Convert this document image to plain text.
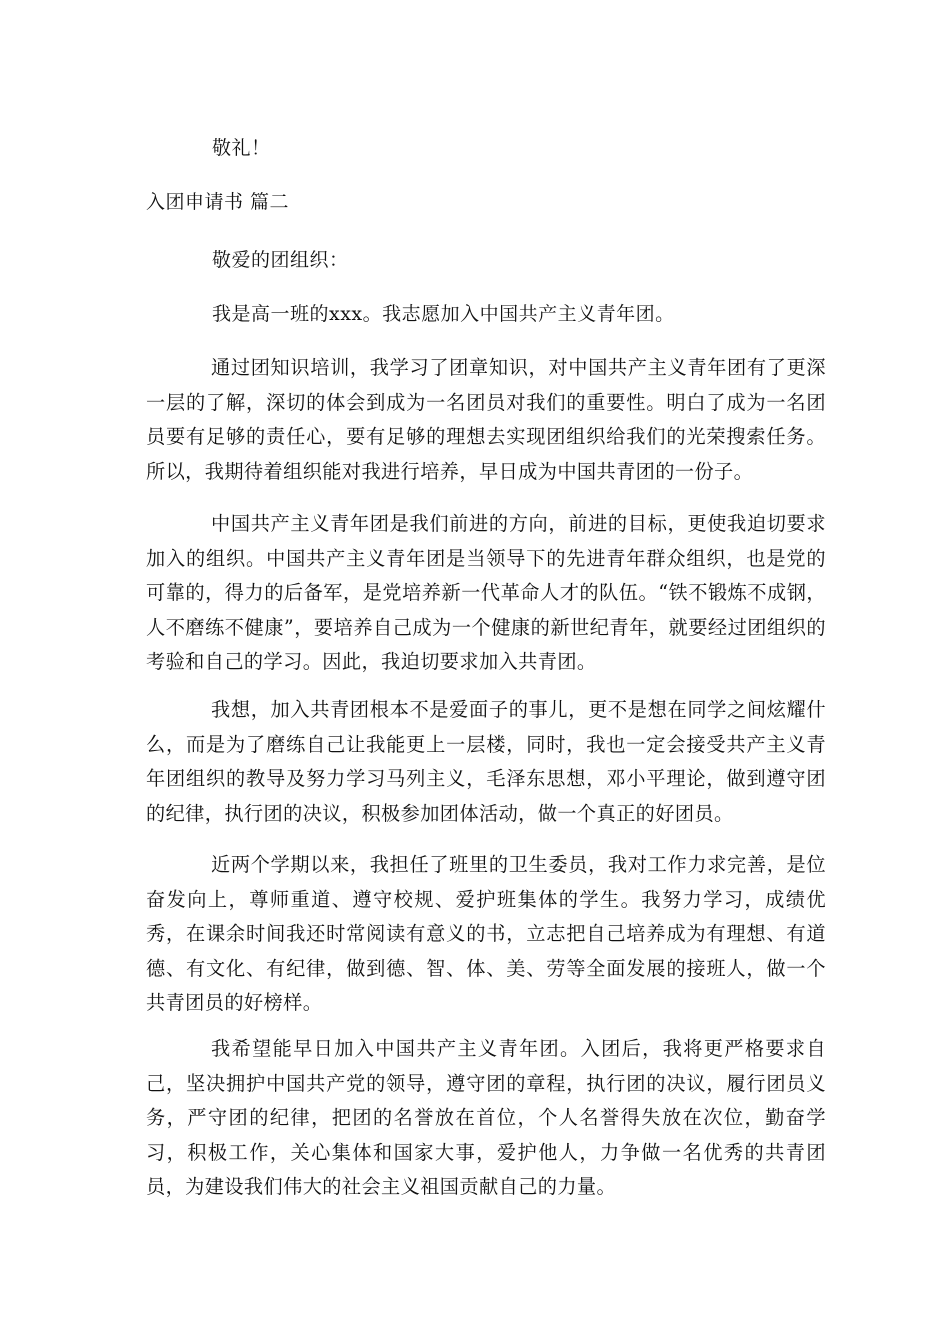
敬礼！
入团申请书 篇二
敬爱的团组织：
我是高一班的xxx。我志愿加入中国共产主义青年团。
通过团知识培训，我学习了团章知识，对中国共产主义青年团有了更深一层的了解，深切的体会到成为一名团员对我们的重要性。明白了成为一名团员要有足够的责任心，要有足够的理想去实现团组织给我们的光荣搜索任务。所以，我期待着组织能对我进行培养，早日成为中国共青团的一份子。
中国共产主义青年团是我们前进的方向，前进的目标，更使我迫切要求加入的组织。中国共产主义青年团是当领导下的先进青年群众组织，也是党的可靠的，得力的后备军，是党培养新一代革命人才的队伍。“铁不锻炼不成钢，人不磨练不健康”，要培养自己成为一个健康的新世纪青年，就要经过团组织的考验和自己的学习。因此，我迫切要求加入共青团。
我想，加入共青团根本不是爱面子的事儿，更不是想在同学之间炫耀什么，而是为了磨练自己让我能更上一层楼，同时，我也一定会接受共产主义青年团组织的教导及努力学习马列主义，毛泽东思想，邓小平理论，做到遵守团的纪律，执行团的决议，积极参加团体活动，做一个真正的好团员。
近两个学期以来，我担任了班里的卫生委员，我对工作力求完善，是位奋发向上，尊师重道、遵守校规、爱护班集体的学生。我努力学习，成绩优秀，在课余时间我还时常阅读有意义的书，立志把自己培养成为有理想、有道德、有文化、有纪律，做到德、智、体、美、劳等全面发展的接班人，做一个共青团员的好榜样。
我希望能早日加入中国共产主义青年团。入团后，我将更严格要求自己，坚决拥护中国共产党的领导，遵守团的章程，执行团的决议，履行团员义务，严守团的纪律，把团的名誉放在首位，个人名誉得失放在次位，勤奋学习，积极工作，关心集体和国家大事，爱护他人，力争做一名优秀的共青团员，为建设我们伟大的社会主义祖国贡献自己的力量。
